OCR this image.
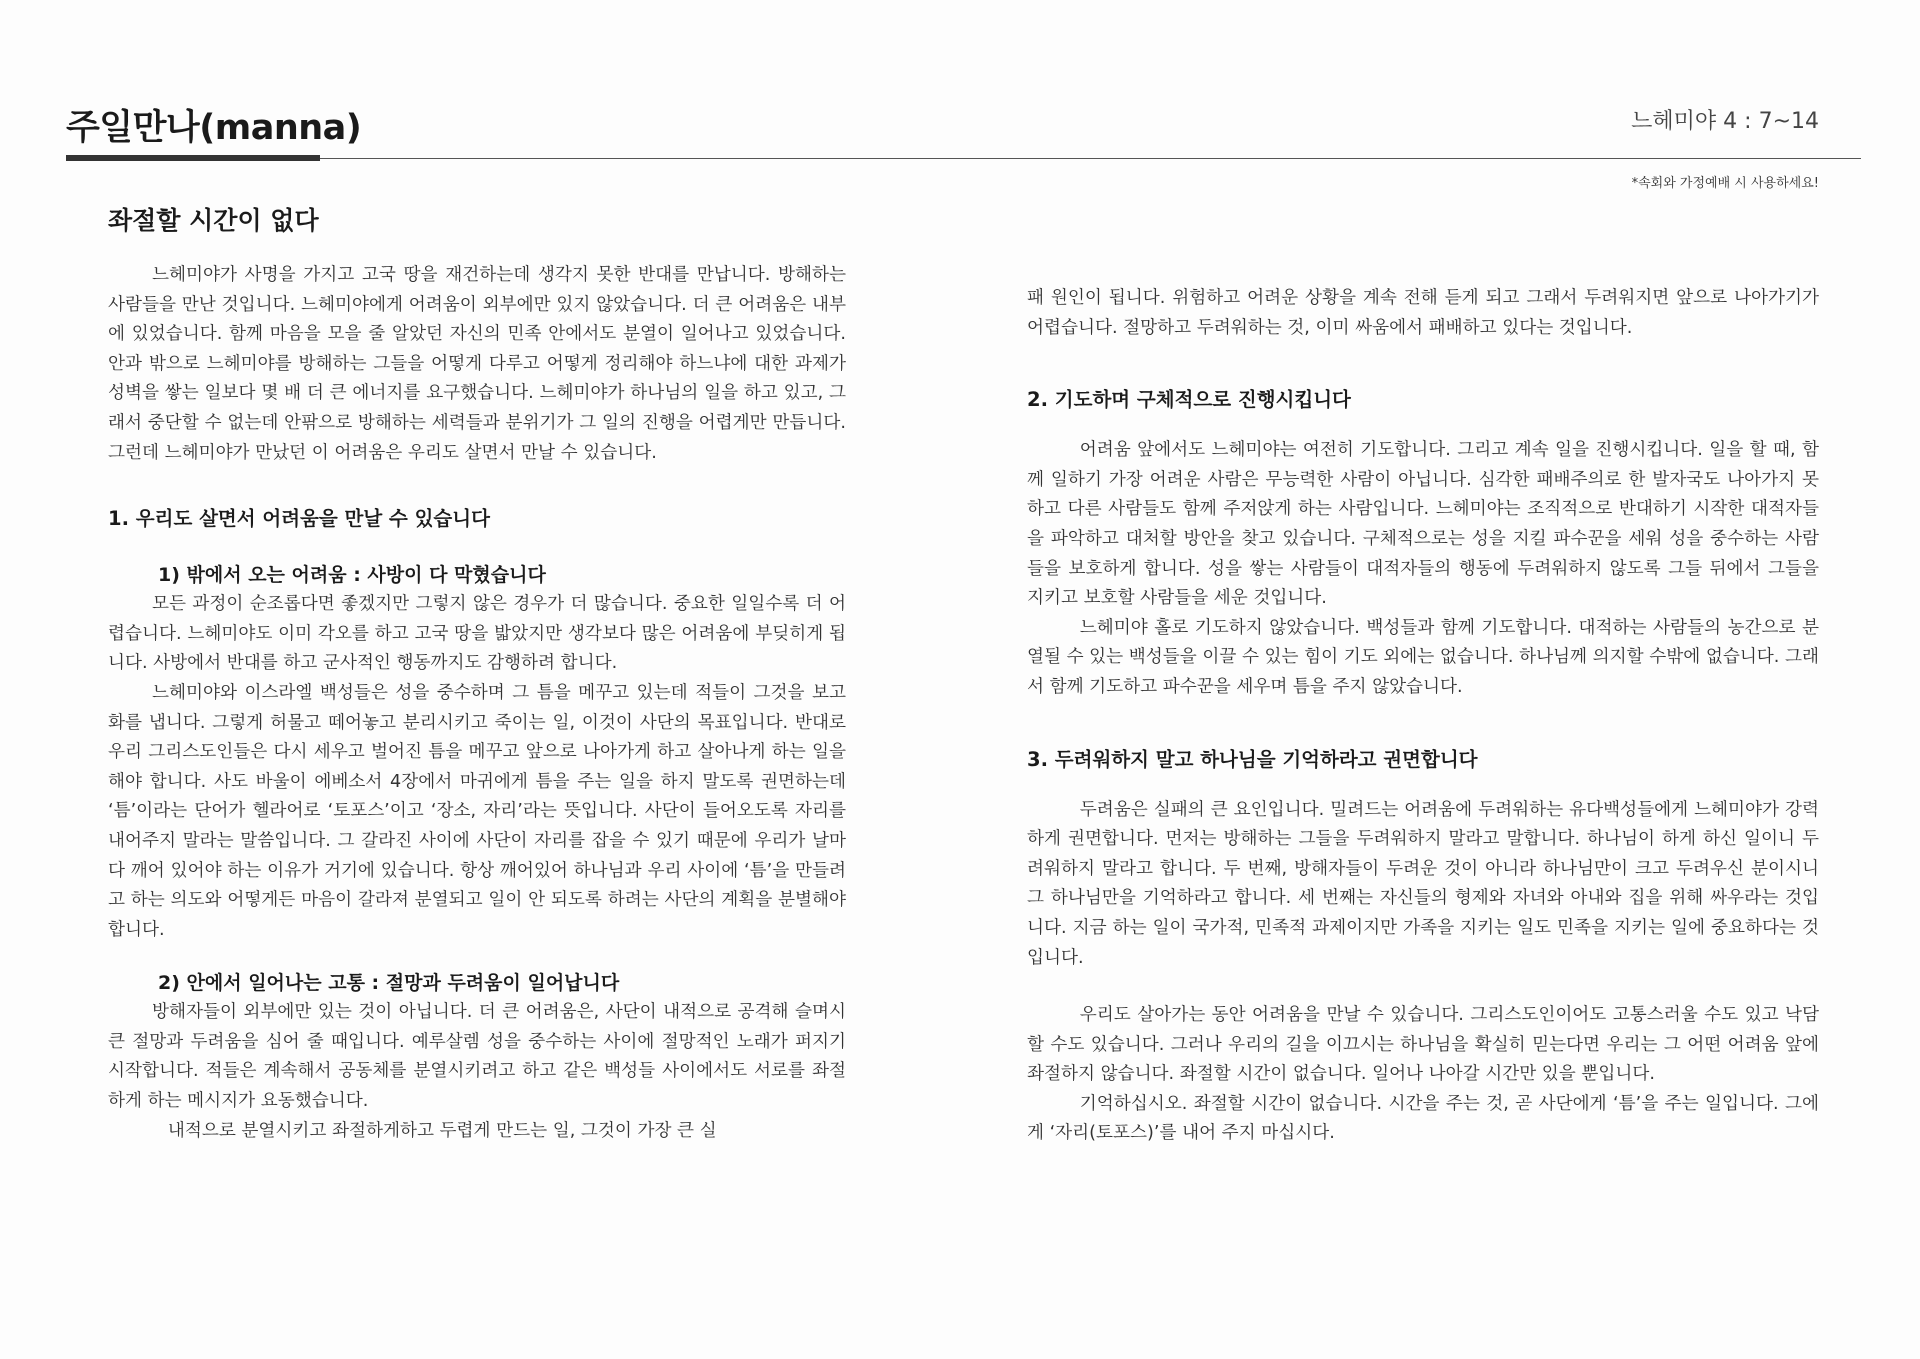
주일만나(manna)	느헤미야 4 : 7~14
*속회와 가정예배 시 사용하세요!
좌절할 시간이 없다

느헤미야가 사명을 가지고 고국 땅을 재건하는데 생각지 못한 반대를 만납니다. 방해하는 사람들을 만난 것입니다. 느헤미야에게 어려움이 외부에만 있지 않았습니다. 더 큰 어려움은 내부에 있었습니다. 함께 마음을 모을 줄 알았던 자신의 민족 안에서도 분열이 일어나고 있었습니다. 안과 밖으로 느헤미야를 방해하는 그들을 어떻게 다루고 어떻게 정리해야 하느냐에 대한 과제가 성벽을 쌓는 일보다 몇 배 더 큰 에너지를 요구했습니다. 느헤미야가 하나님의 일을 하고 있고, 그래서 중단할 수 없는데 안팎으로 방해하는 세력들과 분위기가 그 일의 진행을 어렵게만 만듭니다. 그런데 느헤미야가 만났던 이 어려움은 우리도 살면서 만날 수 있습니다.

1. 우리도 살면서 어려움을 만날 수 있습니다
1) 밖에서 오는 어려움 : 사방이 다 막혔습니다

모든 과정이 순조롭다면 좋겠지만 그렇지 않은 경우가 더 많습니다. 중요한 일일수록 더 어렵습니다. 느헤미야도 이미 각오를 하고 고국 땅을 밟았지만 생각보다 많은 어려움에 부딪히게 됩니다. 사방에서 반대를 하고 군사적인 행동까지도 감행하려 합니다.

느헤미야와 이스라엘 백성들은 성을 중수하며 그 틈을 메꾸고 있는데 적들이 그것을 보고 화를 냅니다. 그렇게 허물고 떼어놓고 분리시키고 죽이는 일, 이것이 사단의 목표입니다. 반대로 우리 그리스도인들은 다시 세우고 벌어진 틈을 메꾸고 앞으로 나아가게 하고 살아나게 하는 일을 해야 합니다. 사도 바울이 에베소서 4장에서 마귀에게 틈을 주는 일을 하지 말도록 권면하는데 ‘틈’이라는 단어가 헬라어로 ‘토포스’이고 ‘장소, 자리’라는 뜻입니다. 사단이 들어오도록 자리를 내어주지 말라는 말씀입니다. 그 갈라진 사이에 사단이 자리를 잡을 수 있기 때문에 우리가 날마다 깨어 있어야 하는 이유가 거기에 있습니다. 항상 깨어있어 하나님과 우리 사이에 ‘틈’을 만들려고 하는 의도와 어떻게든 마음이 갈라져 분열되고 일이 안 되도록 하려는 사단의 계획을 분별해야 합니다.

2) 안에서 일어나는 고통 : 절망과 두려움이 일어납니다

방해자들이 외부에만 있는 것이 아닙니다. 더 큰 어려움은, 사단이 내적으로 공격해 슬며시 큰 절망과 두려움을 심어 줄 때입니다. 예루살렘 성을 중수하는 사이에 절망적인 노래가 퍼지기 시작합니다. 적들은 계속해서 공동체를 분열시키려고 하고 같은 백성들 사이에서도 서로를 좌절하게 하는 메시지가 요동했습니다.

내적으로 분열시키고 좌절하게하고 두렵게 만드는 일, 그것이 가장 큰 실

패 원인이 됩니다. 위험하고 어려운 상황을 계속 전해 듣게 되고 그래서 두려워지면 앞으로 나아가기가 어렵습니다. 절망하고 두려워하는 것, 이미 싸움에서 패배하고 있다는 것입니다.

2. 기도하며 구체적으로 진행시킵니다

어려움 앞에서도 느헤미야는 여전히 기도합니다. 그리고 계속 일을 진행시킵니다. 일을 할 때, 함께 일하기 가장 어려운 사람은 무능력한 사람이 아닙니다. 심각한 패배주의로 한 발자국도 나아가지 못하고 다른 사람들도 함께 주저앉게 하는 사람입니다. 느헤미야는 조직적으로 반대하기 시작한 대적자들을 파악하고 대처할 방안을 찾고 있습니다. 구체적으로는 성을 지킬 파수꾼을 세워 성을 중수하는 사람들을 보호하게 합니다. 성을 쌓는 사람들이 대적자들의 행동에 두려워하지 않도록 그들 뒤에서 그들을 지키고 보호할 사람들을 세운 것입니다.

느헤미야 홀로 기도하지 않았습니다. 백성들과 함께 기도합니다. 대적하는 사람들의 농간으로 분열될 수 있는 백성들을 이끌 수 있는 힘이 기도 외에는 없습니다. 하나님께 의지할 수밖에 없습니다. 그래서 함께 기도하고 파수꾼을 세우며 틈을 주지 않았습니다.

3. 두려워하지 말고 하나님을 기억하라고 권면합니다

두려움은 실패의 큰 요인입니다. 밀려드는 어려움에 두려워하는 유다백성들에게 느헤미야가 강력하게 권면합니다. 먼저는 방해하는 그들을 두려워하지 말라고 말합니다. 하나님이 하게 하신 일이니 두려워하지 말라고 합니다. 두 번째, 방해자들이 두려운 것이 아니라 하나님만이 크고 두려우신 분이시니 그 하나님만을 기억하라고 합니다. 세 번째는 자신들의 형제와 자녀와 아내와 집을 위해 싸우라는 것입니다. 지금 하는 일이 국가적, 민족적 과제이지만 가족을 지키는 일도 민족을 지키는 일에 중요하다는 것입니다.

우리도 살아가는 동안 어려움을 만날 수 있습니다. 그리스도인이어도 고통스러울 수도 있고 낙담할 수도 있습니다. 그러나 우리의 길을 이끄시는 하나님을 확실히 믿는다면 우리는 그 어떤 어려움 앞에 좌절하지 않습니다. 좌절할 시간이 없습니다. 일어나 나아갈 시간만 있을 뿐입니다.

기억하십시오. 좌절할 시간이 없습니다. 시간을 주는 것, 곧 사단에게 ‘틈’을 주는 일입니다. 그에게 ‘자리(토포스)’를 내어 주지 마십시다.
